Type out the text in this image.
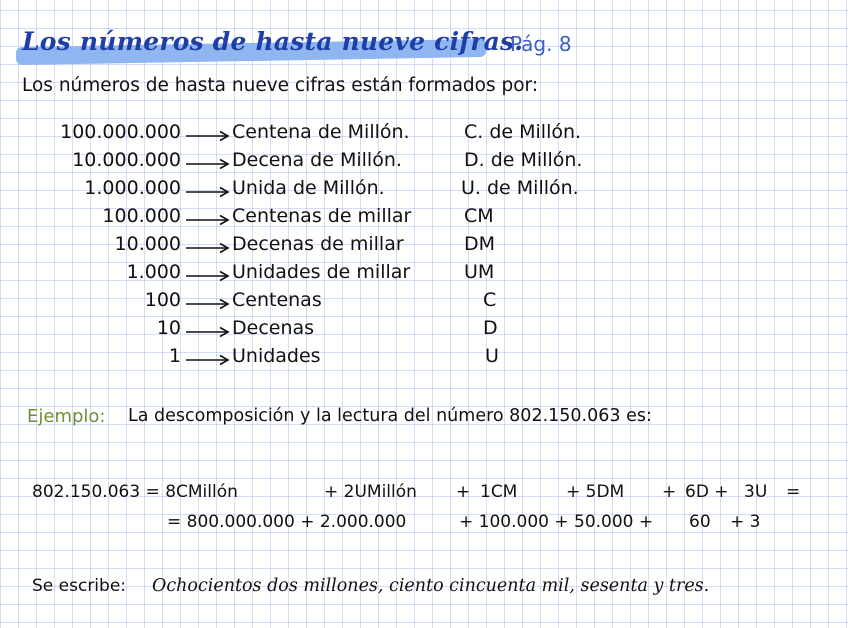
Los números de hasta nueve cifras.
Pág. 8
Los números de hasta nueve cifras están formados por:
100.000.000	Centena de Millón.	C. de Millón.
10.000.000	Decena de Millón.	D. de Millón.
1.000.000	Unida de Millón.	U. de Millón.
100.000	Centenas de millar	CM
10.000	Decenas de millar	DM
1.000	Unidades de millar	UM
100	Centenas	C
10	Decenas	D
1	Unidades	U
Ejemplo: La descomposición y la lectura del número 802.150.063 es:
802.150.063 = 8CMillón	+ 2UMillón + 1CM	+ 5DM + 6D + 3U =
= 800.000.000 + 2.000.000	+ 100.000 + 50.000 + 60 + 3
Se escribe: Ochocientos dos millones, ciento cincuenta mil, sesenta y tres.
